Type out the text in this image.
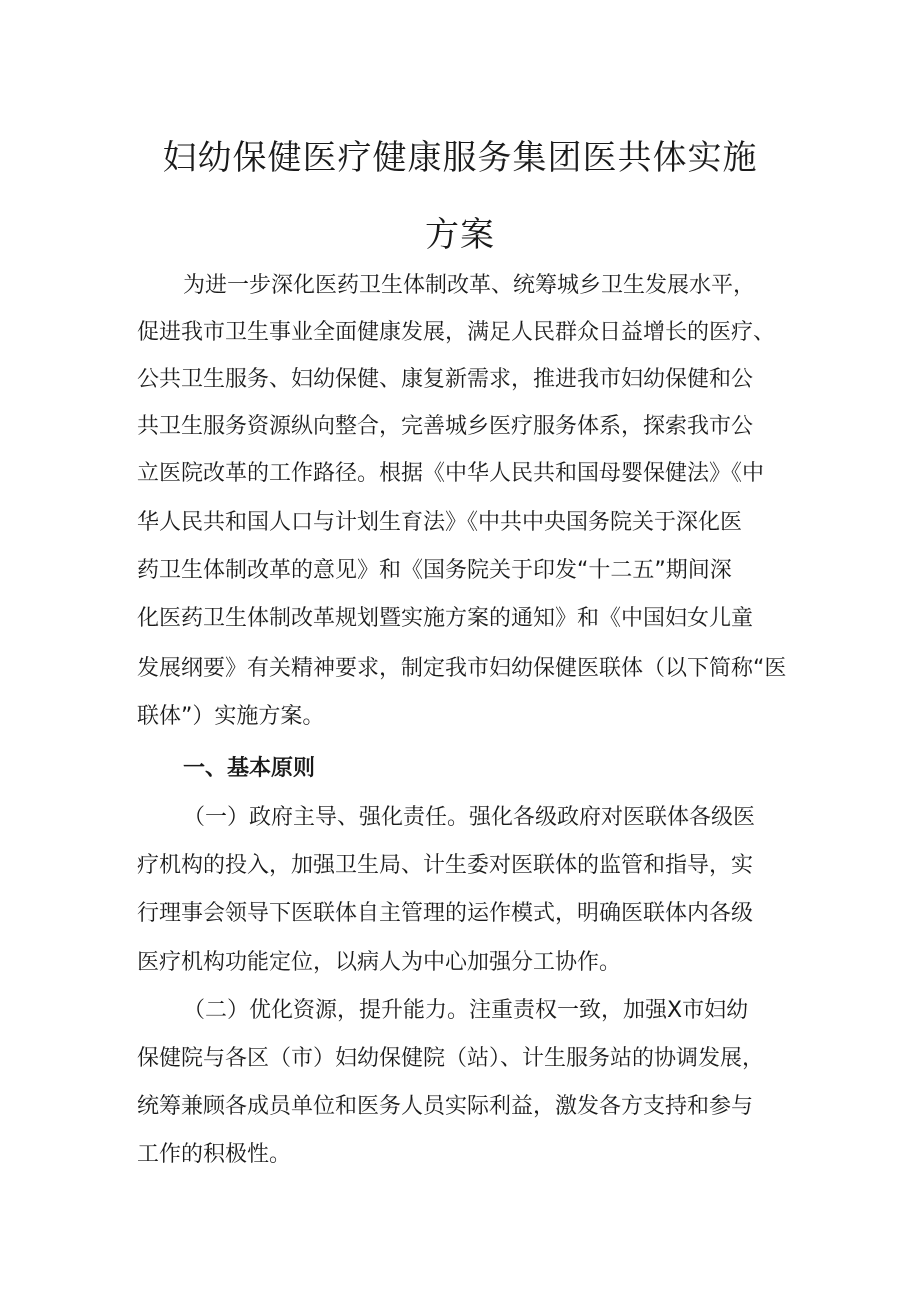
妇幼保健医疗健康服务集团医共体实施
方案
为进一步深化医药卫生体制改革、统筹城乡卫生发展水平，
促进我市卫生事业全面健康发展，满足人民群众日益增长的医疗、
公共卫生服务、妇幼保健、康复新需求，推进我市妇幼保健和公
共卫生服务资源纵向整合，完善城乡医疗服务体系，探索我市公
立医院改革的工作路径。根据《中华人民共和国母婴保健法》《中
华人民共和国人口与计划生育法》《中共中央国务院关于深化医
药卫生体制改革的意见》和《国务院关于印发“十二五”期间深
化医药卫生体制改革规划暨实施方案的通知》和《中国妇女儿童
发展纲要》有关精神要求，制定我市妇幼保健医联体（以下简称“医
联体”）实施方案。
一、基本原则
（一）政府主导、强化责任。强化各级政府对医联体各级医
疗机构的投入，加强卫生局、计生委对医联体的监管和指导，实
行理事会领导下医联体自主管理的运作模式，明确医联体内各级
医疗机构功能定位，以病人为中心加强分工协作。
（二）优化资源，提升能力。注重责权一致，加强X市妇幼
保健院与各区（市）妇幼保健院（站）、计生服务站的协调发展，
统筹兼顾各成员单位和医务人员实际利益，激发各方支持和参与
工作的积极性。
